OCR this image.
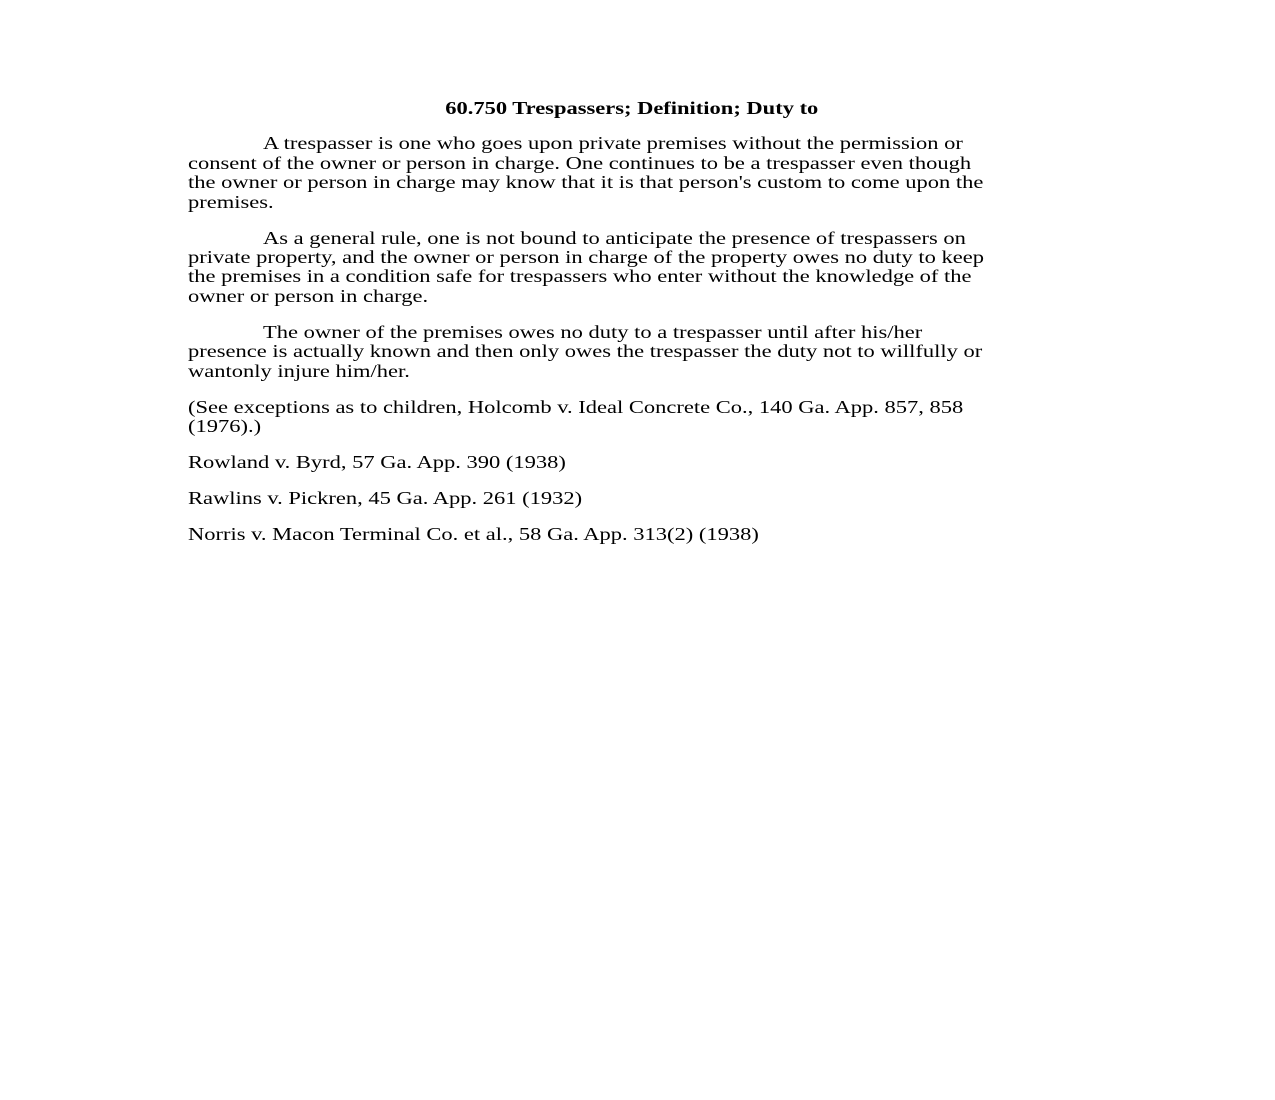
60.750 Trespassers; Definition; Duty to
A trespasser is one who goes upon private premises without the permission or
consent of the owner or person in charge. One continues to be a trespasser even though
the owner or person in charge may know that it is that person's custom to come upon the
premises.
As a general rule, one is not bound to anticipate the presence of trespassers on
private property, and the owner or person in charge of the property owes no duty to keep
the premises in a condition safe for trespassers who enter without the knowledge of the
owner or person in charge.
The owner of the premises owes no duty to a trespasser until after his/her
presence is actually known and then only owes the trespasser the duty not to willfully or
wantonly injure him/her.
(See exceptions as to children, Holcomb v. Ideal Concrete Co., 140 Ga. App. 857, 858
(1976).)
Rowland v. Byrd, 57 Ga. App. 390 (1938)
Rawlins v. Pickren, 45 Ga. App. 261 (1932)
Norris v. Macon Terminal Co. et al., 58 Ga. App. 313(2) (1938)
